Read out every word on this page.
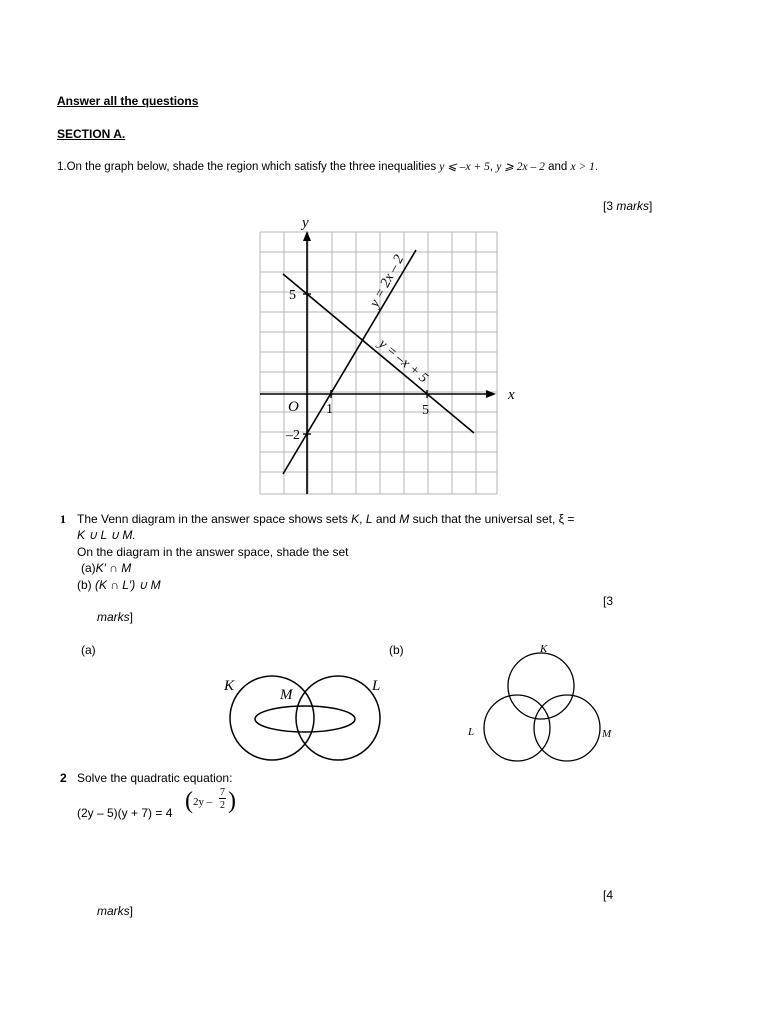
Answer all the questions
SECTION A.
1.On the graph below, shade the region which satisfy the three inequalities y ⩽ –x + 5, y ⩾ 2x – 2 and x > 1.
[3 marks]
x
y
O 1	5
5
–2
y = 2x – 2
y = –x + 5
1 The Venn diagram in the answer space shows sets K, L and M such that the universal set, ξ =
K ∪ L ∪ M.
On the diagram in the answer space, shade the set
(a)K′ ∩ M
(b) (K ∩ L′) ∪ M
[3
marks]
(a)	(b)
K	L
M
K
L	M
2 Solve the quadratic equation:
(2y – 5)(y + 7) = 4 ( 2y –
7
2 )
[4
marks]
